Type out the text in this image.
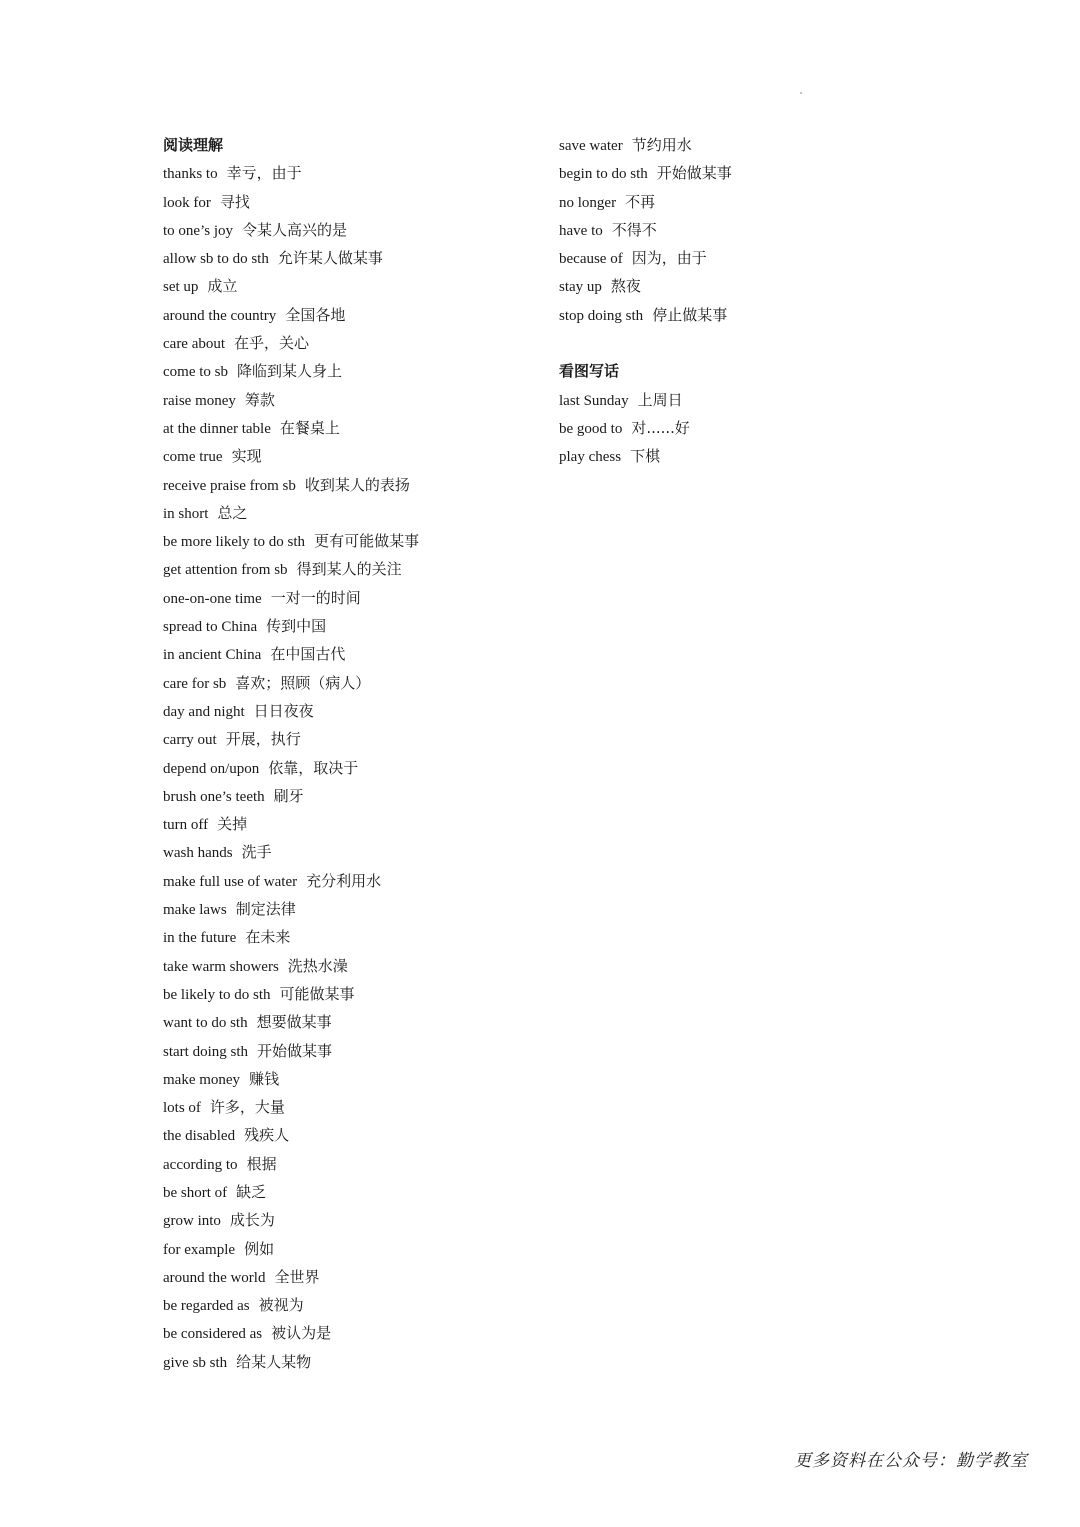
阅读理解
thanks to 幸亏，由于
look for 寻找
to one’s joy 令某人高兴的是
allow sb to do sth 允许某人做某事
set up 成立
around the country 全国各地
care about 在乎，关心
come to sb 降临到某人身上
raise money 筹款
at the dinner table 在餐桌上
come true 实现
receive praise from sb 收到某人的表扬
in short 总之
be more likely to do sth 更有可能做某事
get attention from sb 得到某人的关注
one-on-one time 一对一的时间
spread to China 传到中国
in ancient China 在中国古代
care for sb 喜欢；照顾（病人）
day and night 日日夜夜
carry out 开展，执行
depend on/upon 依靠，取决于
brush one’s teeth 刷牙
turn off 关掉
wash hands 洗手
make full use of water 充分利用水
make laws 制定法律
in the future 在未来
take warm showers 洗热水澡
be likely to do sth 可能做某事
want to do sth 想要做某事
start doing sth 开始做某事
make money 赚钱
lots of 许多，大量
the disabled 残疾人
according to 根据
be short of 缺乏
grow into 成长为
for example 例如
around the world 全世界
be regarded as 被视为
be considered as 被认为是
give sb sth 给某人某物
save water 节约用水
begin to do sth 开始做某事
no longer 不再
have to 不得不
because of 因为，由于
stay up 熬夜
stop doing sth 停止做某事
看图写话
last Sunday 上周日
be good to 对......好
play chess 下棋
更多资料在公众号：勤学教室
